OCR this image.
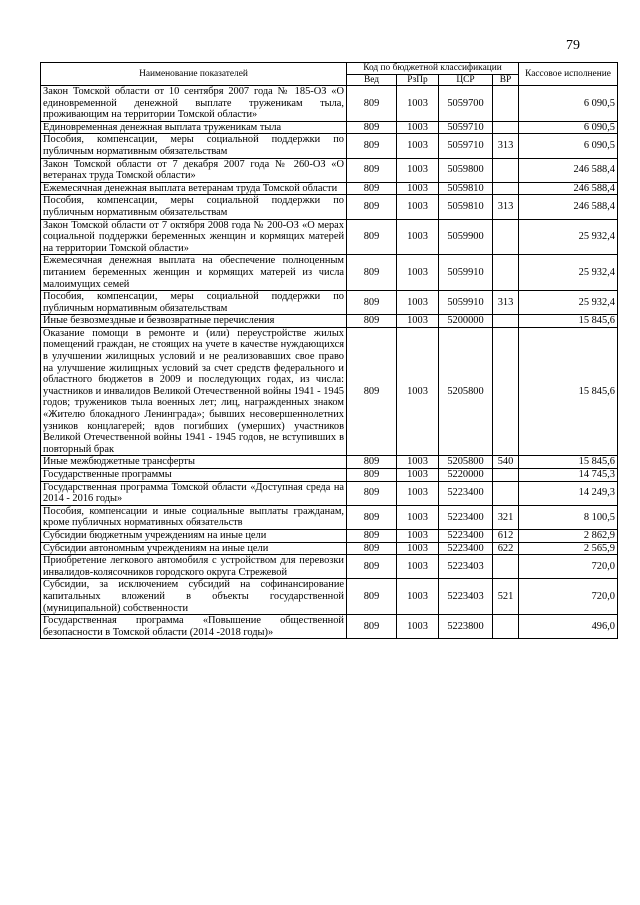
79
Наименование показателей	Код по бюджетной классификации				Кассовое исполнение
	Вед	РзПр	ЦСР	ВР	
Закон Томской области от 10 сентября 2007 года № 185-ОЗ «О единовременной денежной выплате труженикам тыла, проживающим на территории Томской области»	809	1003	5059700		6 090,5
Единовременная денежная выплата труженикам тыла	809	1003	5059710		6 090,5
Пособия, компенсации, меры социальной поддержки по публичным нормативным обязательствам	809	1003	5059710	313	6 090,5
Закон Томской области от 7 декабря 2007 года № 260-ОЗ «О ветеранах труда Томской области»	809	1003	5059800		246 588,4
Ежемесячная денежная выплата ветеранам труда Томской области	809	1003	5059810		246 588,4
Пособия, компенсации, меры социальной поддержки по публичным нормативным обязательствам	809	1003	5059810	313	246 588,4
Закон Томской области от 7 октября 2008 года № 200-ОЗ «О мерах социальной поддержки беременных женщин и кормящих матерей на территории Томской области»	809	1003	5059900		25 932,4
Ежемесячная денежная выплата на обеспечение полноценным питанием беременных женщин и кормящих матерей из числа малоимущих семей	809	1003	5059910		25 932,4
Пособия, компенсации, меры социальной поддержки по публичным нормативным обязательствам	809	1003	5059910	313	25 932,4
Иные безвозмездные и безвозвратные перечисления	809	1003	5200000		15 845,6
Оказание помощи в ремонте и (или) переустройстве жилых помещений граждан, не стоящих на учете в качестве нуждающихся в улучшении жилищных условий и не реализовавших свое право на улучшение жилищных условий за счет средств федерального и областного бюджетов в 2009 и последующих годах, из числа: участников и инвалидов Великой Отечественной войны 1941 - 1945 годов; тружеников тыла военных лет; лиц, награжденных знаком «Жителю блокадного Ленинграда»; бывших несовершеннолетних узников концлагерей; вдов погибших (умерших) участников Великой Отечественной войны 1941 - 1945 годов, не вступивших в повторный брак	809	1003	5205800		15 845,6
Иные межбюджетные трансферты	809	1003	5205800	540	15 845,6
Государственные программы	809	1003	5220000		14 745,3
Государственная программа Томской области «Доступная среда на 2014 - 2016 годы»	809	1003	5223400		14 249,3
Пособия, компенсации и иные социальные выплаты гражданам, кроме публичных нормативных обязательств	809	1003	5223400	321	8 100,5
Субсидии бюджетным учреждениям на иные цели	809	1003	5223400	612	2 862,9
Субсидии автономным учреждениям на иные цели	809	1003	5223400	622	2 565,9
Приобретение легкового автомобиля с устройством для перевозки инвалидов-колясочников городского округа Стрежевой	809	1003	5223403		720,0
Субсидии, за исключением субсидий на софинансирование капитальных вложений в объекты государственной (муниципальной) собственности	809	1003	5223403	521	720,0
Государственная программа «Повышение общественной безопасности в Томской области (2014 -2018 годы)»	809	1003	5223800		496,0
